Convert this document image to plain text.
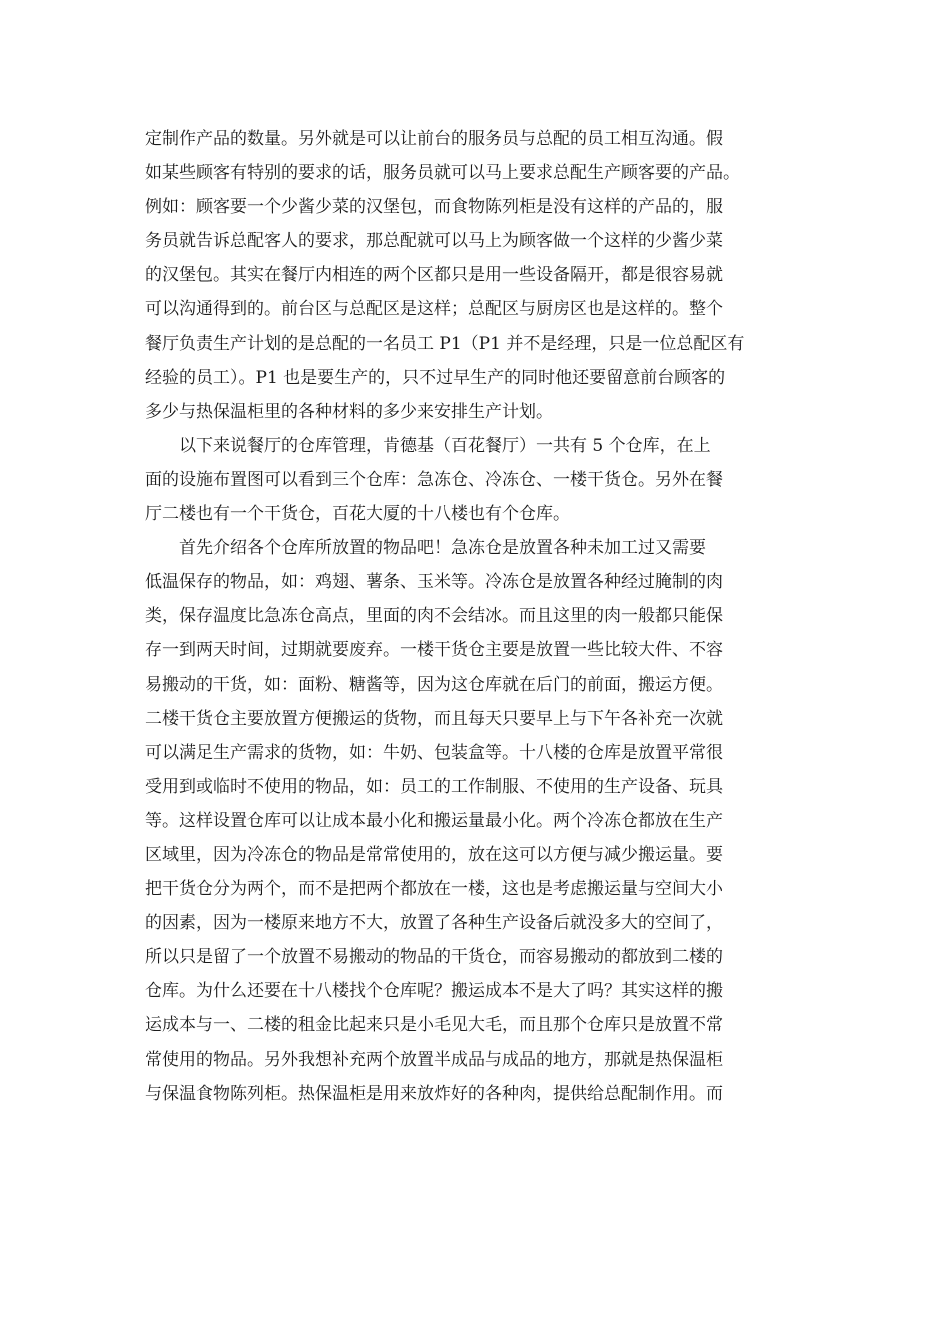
定制作产品的数量。另外就是可以让前台的服务员与总配的员工相互沟通。假
如某些顾客有特别的要求的话，服务员就可以马上要求总配生产顾客要的产品。
例如：顾客要一个少酱少菜的汉堡包，而食物陈列柜是没有这样的产品的，服
务员就告诉总配客人的要求，那总配就可以马上为顾客做一个这样的少酱少菜
的汉堡包。其实在餐厅内相连的两个区都只是用一些设备隔开，都是很容易就
可以沟通得到的。前台区与总配区是这样；总配区与厨房区也是这样的。整个
餐厅负责生产计划的是总配的一名员工 P1（P1 并不是经理，只是一位总配区有
经验的员工）。P1 也是要生产的，只不过早生产的同时他还要留意前台顾客的
多少与热保温柜里的各种材料的多少来安排生产计划。
以下来说餐厅的仓库管理，肯德基（百花餐厅）一共有 5 个仓库，在上
面的设施布置图可以看到三个仓库：急冻仓、冷冻仓、一楼干货仓。另外在餐
厅二楼也有一个干货仓，百花大厦的十八楼也有个仓库。
首先介绍各个仓库所放置的物品吧！急冻仓是放置各种未加工过又需要
低温保存的物品，如：鸡翅、薯条、玉米等。冷冻仓是放置各种经过腌制的肉
类，保存温度比急冻仓高点，里面的肉不会结冰。而且这里的肉一般都只能保
存一到两天时间，过期就要废弃。一楼干货仓主要是放置一些比较大件、不容
易搬动的干货，如：面粉、糖酱等，因为这仓库就在后门的前面，搬运方便。
二楼干货仓主要放置方便搬运的货物，而且每天只要早上与下午各补充一次就
可以满足生产需求的货物，如：牛奶、包装盒等。十八楼的仓库是放置平常很
受用到或临时不使用的物品，如：员工的工作制服、不使用的生产设备、玩具
等。这样设置仓库可以让成本最小化和搬运量最小化。两个冷冻仓都放在生产
区域里，因为冷冻仓的物品是常常使用的，放在这可以方便与减少搬运量。要
把干货仓分为两个，而不是把两个都放在一楼，这也是考虑搬运量与空间大小
的因素，因为一楼原来地方不大，放置了各种生产设备后就没多大的空间了，
所以只是留了一个放置不易搬动的物品的干货仓，而容易搬动的都放到二楼的
仓库。为什么还要在十八楼找个仓库呢？搬运成本不是大了吗？其实这样的搬
运成本与一、二楼的租金比起来只是小毛见大毛，而且那个仓库只是放置不常
常使用的物品。另外我想补充两个放置半成品与成品的地方，那就是热保温柜
与保温食物陈列柜。热保温柜是用来放炸好的各种肉，提供给总配制作用。而
